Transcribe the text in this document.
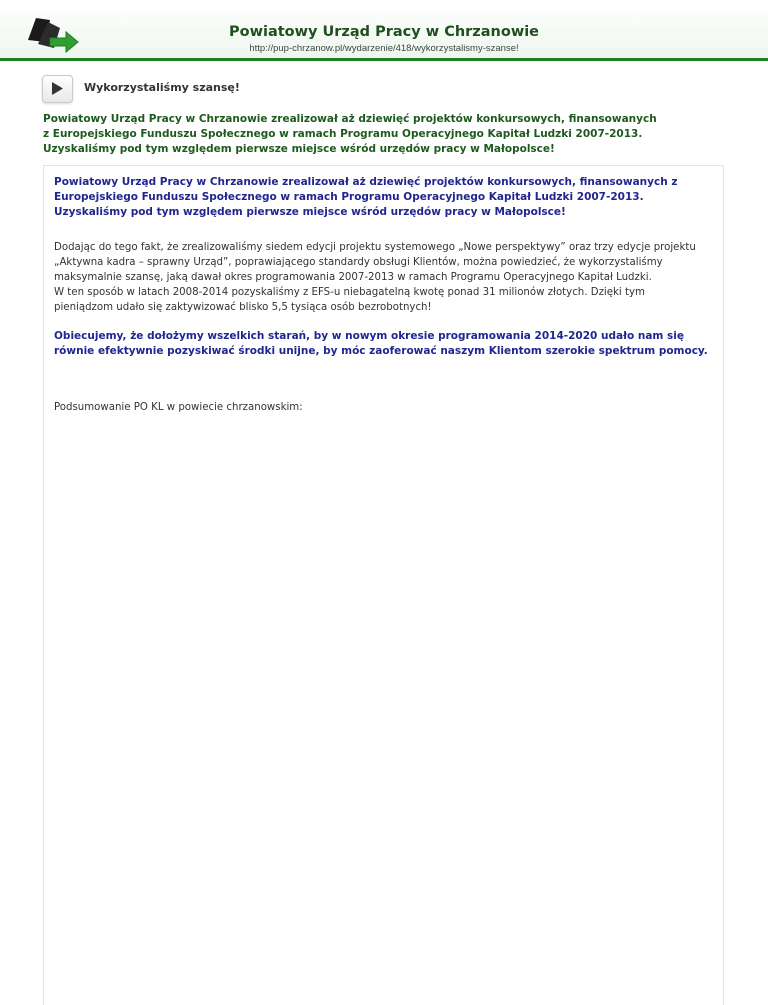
Powiatowy Urząd Pracy w Chrzanowie
http://pup-chrzanow.pl/wydarzenie/418/wykorzystalismy-szanse!
Wykorzystaliśmy szansę!

Powiatowy Urząd Pracy w Chrzanowie zrealizował aż dziewięć projektów konkursowych, finansowanych
z Europejskiego Funduszu Społecznego w ramach Programu Operacyjnego Kapitał Ludzki 2007-2013.
Uzyskaliśmy pod tym względem pierwsze miejsce wśród urzędów pracy w Małopolsce!

Powiatowy Urząd Pracy w Chrzanowie zrealizował aż dziewięć projektów konkursowych, finansowanych z
Europejskiego Funduszu Społecznego w ramach Programu Operacyjnego Kapitał Ludzki 2007-2013.
Uzyskaliśmy pod tym względem pierwsze miejsce wśród urzędów pracy w Małopolsce!

Dodając do tego fakt, że zrealizowaliśmy siedem edycji projektu systemowego „Nowe perspektywy” oraz trzy edycje projektu
„Aktywna kadra – sprawny Urząd”, poprawiającego standardy obsługi Klientów, można powiedzieć, że wykorzystaliśmy
maksymalnie szansę, jaką dawał okres programowania 2007-2013 w ramach Programu Operacyjnego Kapitał Ludzki.
W ten sposób w latach 2008-2014 pozyskaliśmy z EFS-u niebagatelną kwotę ponad 31 milionów złotych. Dzięki tym
pieniądzom udało się zaktywizować blisko 5,5 tysiąca osób bezrobotnych!

Obiecujemy, że dołożymy wszelkich starań, by w nowym okresie programowania 2014-2020 udało nam się
równie efektywnie pozyskiwać środki unijne, by móc zaoferować naszym Klientom szerokie spektrum pomocy.

Podsumowanie PO KL w powiecie chrzanowskim:
